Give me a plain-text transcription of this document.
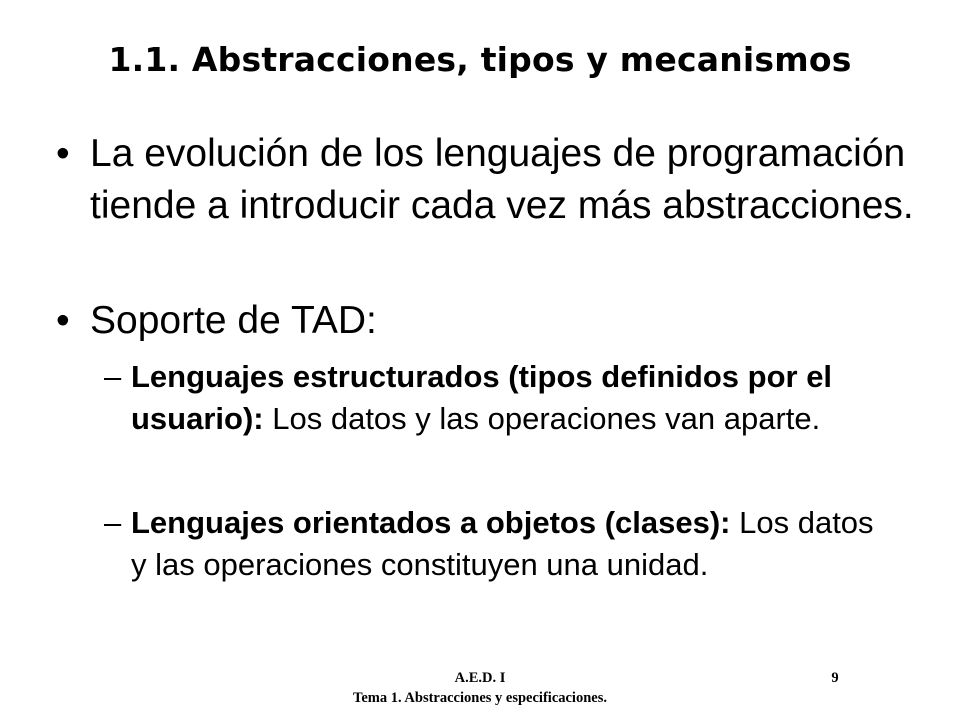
1.1. Abstracciones, tipos y mecanismos
• La evolución de los lenguajes de programación tiende a introducir cada vez más abstracciones.
• Soporte de TAD:
– Lenguajes estructurados (tipos definidos por el usuario): Los datos y las operaciones van aparte.
– Lenguajes orientados a objetos (clases): Los datos y las operaciones constituyen una unidad.
A.E.D. I
Tema 1. Abstracciones y especificaciones.
9
